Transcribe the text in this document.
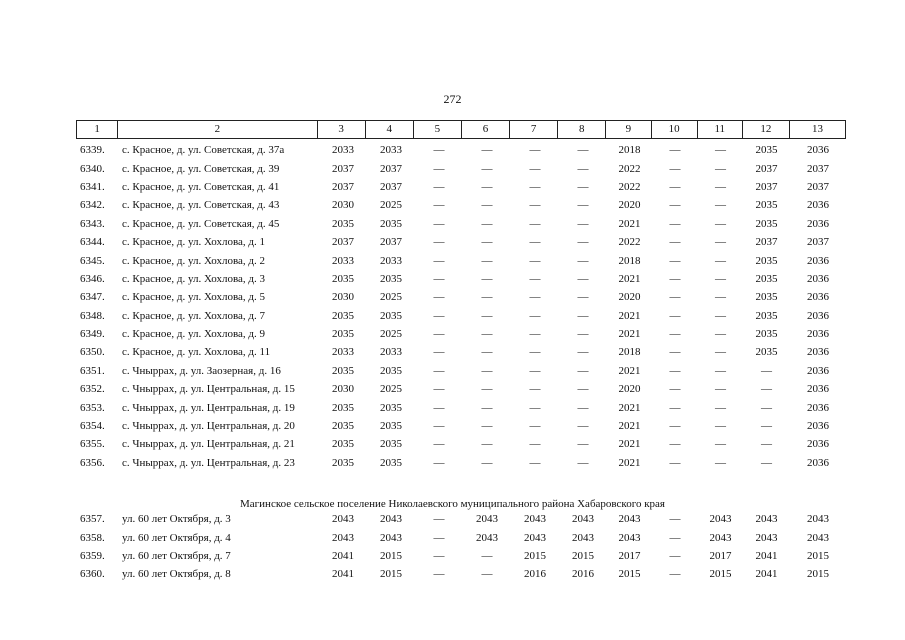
272
1	2	3	4	5	6	7	8	9	10	11	12	13
6339.	с. Красное, д. ул. Советская, д. 37а	2033	2033	—	—	—	—	2018	—	—	2035	2036
6340.	с. Красное, д. ул. Советская, д. 39	2037	2037	—	—	—	—	2022	—	—	2037	2037
6341.	с. Красное, д. ул. Советская, д. 41	2037	2037	—	—	—	—	2022	—	—	2037	2037
6342.	с. Красное, д. ул. Советская, д. 43	2030	2025	—	—	—	—	2020	—	—	2035	2036
6343.	с. Красное, д. ул. Советская, д. 45	2035	2035	—	—	—	—	2021	—	—	2035	2036
6344.	с. Красное, д. ул. Хохлова, д. 1	2037	2037	—	—	—	—	2022	—	—	2037	2037
6345.	с. Красное, д. ул. Хохлова, д. 2	2033	2033	—	—	—	—	2018	—	—	2035	2036
6346.	с. Красное, д. ул. Хохлова, д. 3	2035	2035	—	—	—	—	2021	—	—	2035	2036
6347.	с. Красное, д. ул. Хохлова, д. 5	2030	2025	—	—	—	—	2020	—	—	2035	2036
6348.	с. Красное, д. ул. Хохлова, д. 7	2035	2035	—	—	—	—	2021	—	—	2035	2036
6349.	с. Красное, д. ул. Хохлова, д. 9	2035	2025	—	—	—	—	2021	—	—	2035	2036
6350.	с. Красное, д. ул. Хохлова, д. 11	2033	2033	—	—	—	—	2018	—	—	2035	2036
6351.	с. Чныррах, д. ул. Заозерная, д. 16	2035	2035	—	—	—	—	2021	—	—	—	2036
6352.	с. Чныррах, д. ул. Центральная, д. 15	2030	2025	—	—	—	—	2020	—	—	—	2036
6353.	с. Чныррах, д. ул. Центральная, д. 19	2035	2035	—	—	—	—	2021	—	—	—	2036
6354.	с. Чныррах, д. ул. Центральная, д. 20	2035	2035	—	—	—	—	2021	—	—	—	2036
6355.	с. Чныррах, д. ул. Центральная, д. 21	2035	2035	—	—	—	—	2021	—	—	—	2036
6356.	с. Чныррах, д. ул. Центральная, д. 23	2035	2035	—	—	—	—	2021	—	—	—	2036
Магинское сельское поселение Николаевского муниципального района Хабаровского края
6357.	ул. 60 лет Октября, д. 3	2043	2043	—	2043	2043	2043	2043	—	2043	2043	2043
6358.	ул. 60 лет Октября, д. 4	2043	2043	—	2043	2043	2043	2043	—	2043	2043	2043
6359.	ул. 60 лет Октября, д. 7	2041	2015	—	—	2015	2015	2017	—	2017	2041	2015
6360.	ул. 60 лет Октября, д. 8	2041	2015	—	—	2016	2016	2015	—	2015	2041	2015
